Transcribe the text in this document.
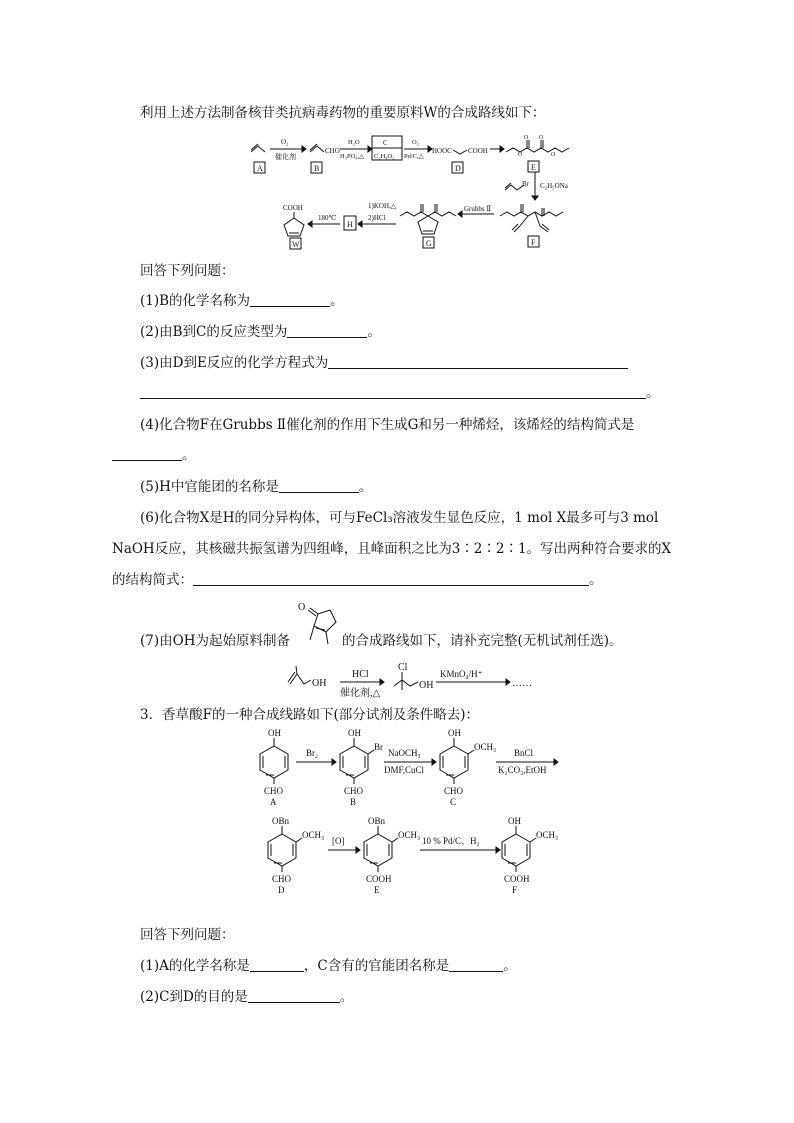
利用上述方法制备核苷类抗病毒药物的重要原料W的合成路线如下：
O₂
催化剂
CHO
H₂O
H₃PO₄,△
C
C₂H₄O₂
O₂
Pd/C,△
HOOC COOH
O O
O	O
Br C₂H₅ONa
Grubbs Ⅱ
1)KOH,△
2)HCl
180℃
COOH
A	B	D	E
F
G
H
W
回答下列问题：
(1)B的化学名称为	。
(2)由B到C的反应类型为	。
(3)由D到E反应的化学方程式为
。
(4)化合物F在Grubbs Ⅱ催化剂的作用下生成G和另一种烯烃，该烯烃的结构简式是
。
(5)H中官能团的名称是	。
(6)化合物X是H的同分异构体，可与FeCl₃溶液发生显色反应，1 mol X最多可与3 mol
NaOH反应，其核磁共振氢谱为四组峰，且峰面积之比为3∶2∶2∶1。写出两种符合要求的X
的结构简式：	。
(7)由OH为起始原料制备	的合成路线如下，请补充完整(无机试剂任选)。
O
OH
HCl
催化剂,△
Cl
OH
KMnO₄/H⁺
……
3．香草酸F的一种合成线路如下(部分试剂及条件略去)：
OH
CHO
A
Br₂
OH
Br
CHO
B
NaOCH₃
DMF,CuCl
OH
OCH₃
CHO
C
BnCl
K₂CO₃,EtOH
OBn
OCH₃
CHO
D
[O]
OBn
OCH₃
COOH
E
10 % Pd/C、H₂
OH
OCH₃
COOH
F
回答下列问题：
(1)A的化学名称是	，C含有的官能团名称是	。
(2)C到D的目的是	。
